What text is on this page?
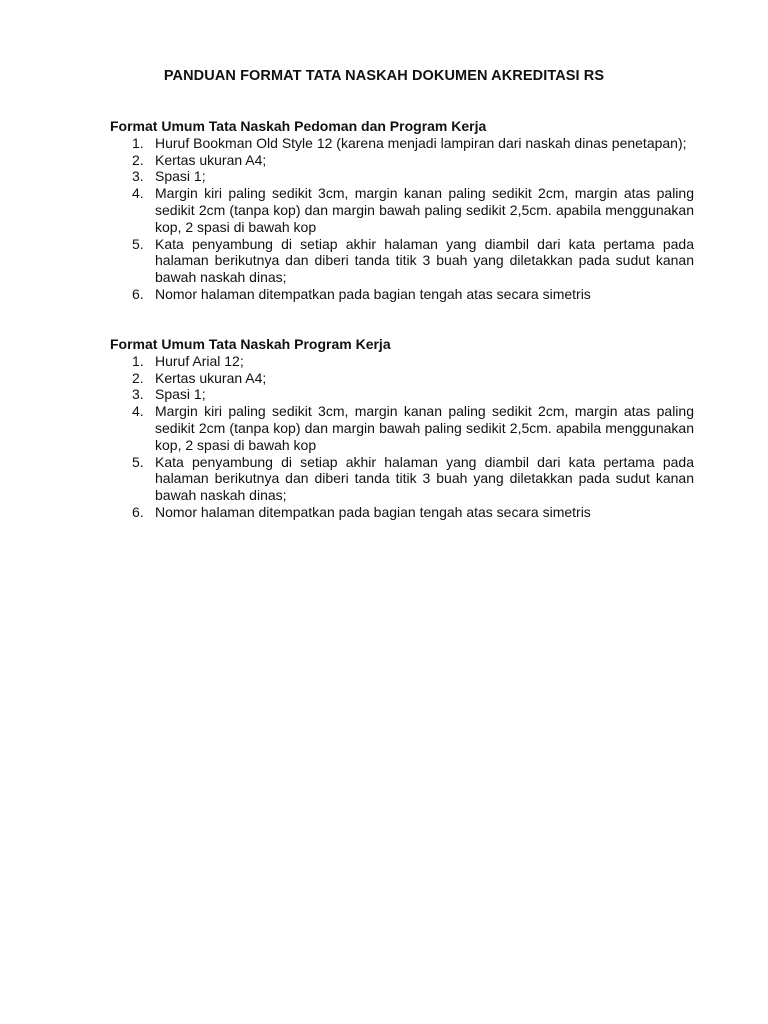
PANDUAN FORMAT TATA NASKAH DOKUMEN AKREDITASI RS

Format Umum Tata Naskah Pedoman dan Program Kerja

1. Huruf Bookman Old Style 12 (karena menjadi lampiran dari naskah dinas penetapan);
2. Kertas ukuran A4;
3. Spasi 1;
4. Margin kiri paling sedikit 3cm, margin kanan paling sedikit 2cm, margin atas paling sedikit 2cm (tanpa kop) dan margin bawah paling sedikit 2,5cm. apabila menggunakan kop, 2 spasi di bawah kop
5. Kata penyambung di setiap akhir halaman yang diambil dari kata pertama pada halaman berikutnya dan diberi tanda titik 3 buah yang diletakkan pada sudut kanan bawah naskah dinas;
6. Nomor halaman ditempatkan pada bagian tengah atas secara simetris

Format Umum Tata Naskah Program Kerja

1. Huruf Arial 12;
2. Kertas ukuran A4;
3. Spasi 1;
4. Margin kiri paling sedikit 3cm, margin kanan paling sedikit 2cm, margin atas paling sedikit 2cm (tanpa kop) dan margin bawah paling sedikit 2,5cm. apabila menggunakan kop, 2 spasi di bawah kop
5. Kata penyambung di setiap akhir halaman yang diambil dari kata pertama pada halaman berikutnya dan diberi tanda titik 3 buah yang diletakkan pada sudut kanan bawah naskah dinas;
6. Nomor halaman ditempatkan pada bagian tengah atas secara simetris
